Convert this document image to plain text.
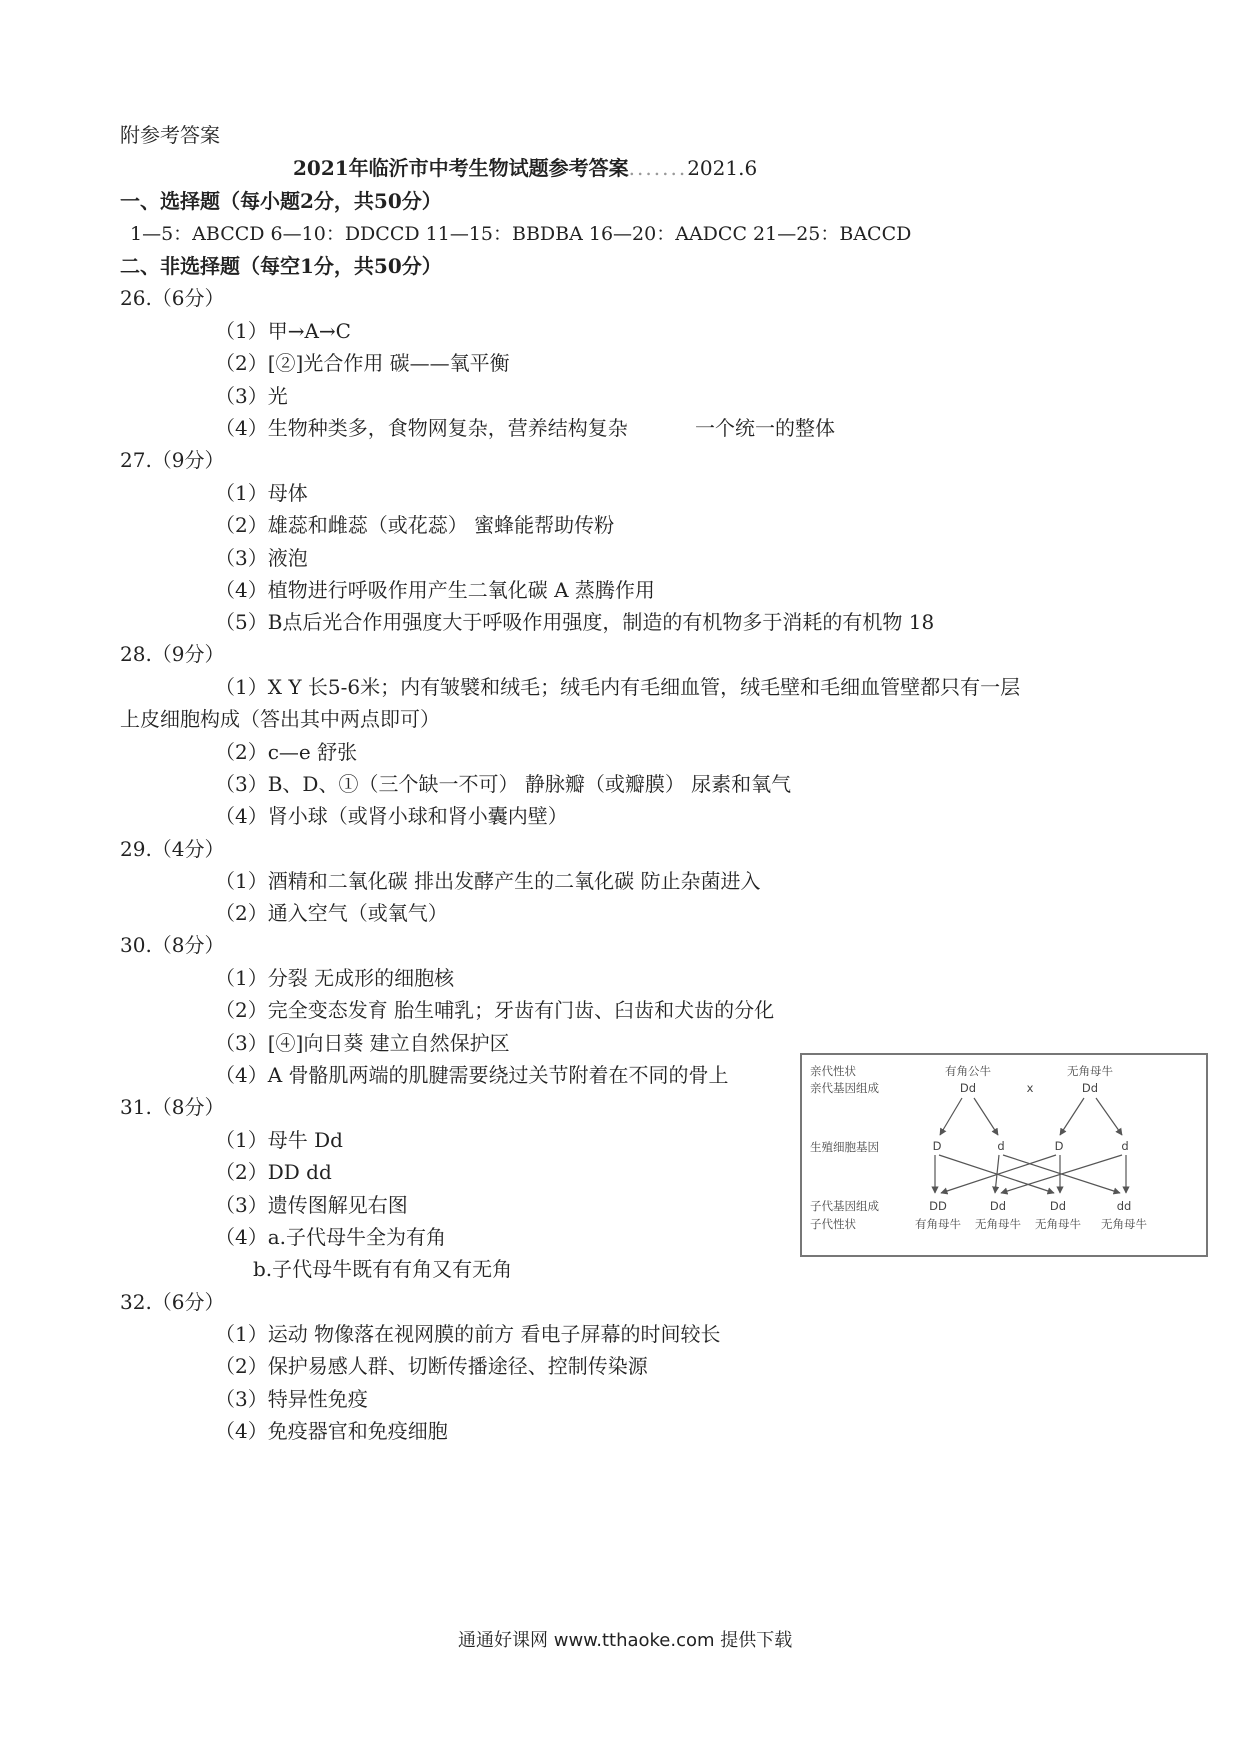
附参考答案
2021年临沂市中考生物试题参考答案.......2021.6
一、选择题（每小题2分，共50分）
1—5：ABCCD 6—10：DDCCD 11—15：BBDBA 16—20：AADCC 21—25：BACCD
二、非选择题（每空1分，共50分）
26.（6分）
（1）甲→A→C
（2）[②]光合作用 碳——氧平衡
（3）光
（4）生物种类多，食物网复杂，营养结构复杂	一个统一的整体
27.（9分）
（1）母体
（2）雄蕊和雌蕊（或花蕊） 蜜蜂能帮助传粉
（3）液泡
（4）植物进行呼吸作用产生二氧化碳 A 蒸腾作用
（5）B点后光合作用强度大于呼吸作用强度，制造的有机物多于消耗的有机物 18
28.（9分）
（1）X Y 长5-6米；内有皱襞和绒毛；绒毛内有毛细血管，绒毛壁和毛细血管壁都只有一层
上皮细胞构成（答出其中两点即可）
（2）c—e 舒张
（3）B、D、①（三个缺一不可） 静脉瓣（或瓣膜） 尿素和氧气
（4）肾小球（或肾小球和肾小囊内壁）
29.（4分）
（1）酒精和二氧化碳 排出发酵产生的二氧化碳 防止杂菌进入
（2）通入空气（或氧气）
30.（8分）
（1）分裂 无成形的细胞核
（2）完全变态发育 胎生哺乳；牙齿有门齿、臼齿和犬齿的分化
（3）[④]向日葵 建立自然保护区
（4）A 骨骼肌两端的肌腱需要绕过关节附着在不同的骨上
31.（8分）
（1）母牛 Dd
（2）DD dd
（3）遗传图解见右图
（4）a.子代母牛全为有角
b.子代母牛既有有角又有无角
32.（6分）
（1）运动 物像落在视网膜的前方 看电子屏幕的时间较长
（2）保护易感人群、切断传播途径、控制传染源
（3）特异性免疫
（4）免疫器官和免疫细胞
亲代性状
亲代基因组成
生殖细胞基因
子代基因组成
子代性状
有角公牛	无角母牛
Dd	x	Dd
D	d	D	d
DD	Dd	Dd	dd
有角母牛 无角母牛 无角母牛 无角母牛
通通好课网 www.tthaoke.com 提供下载
